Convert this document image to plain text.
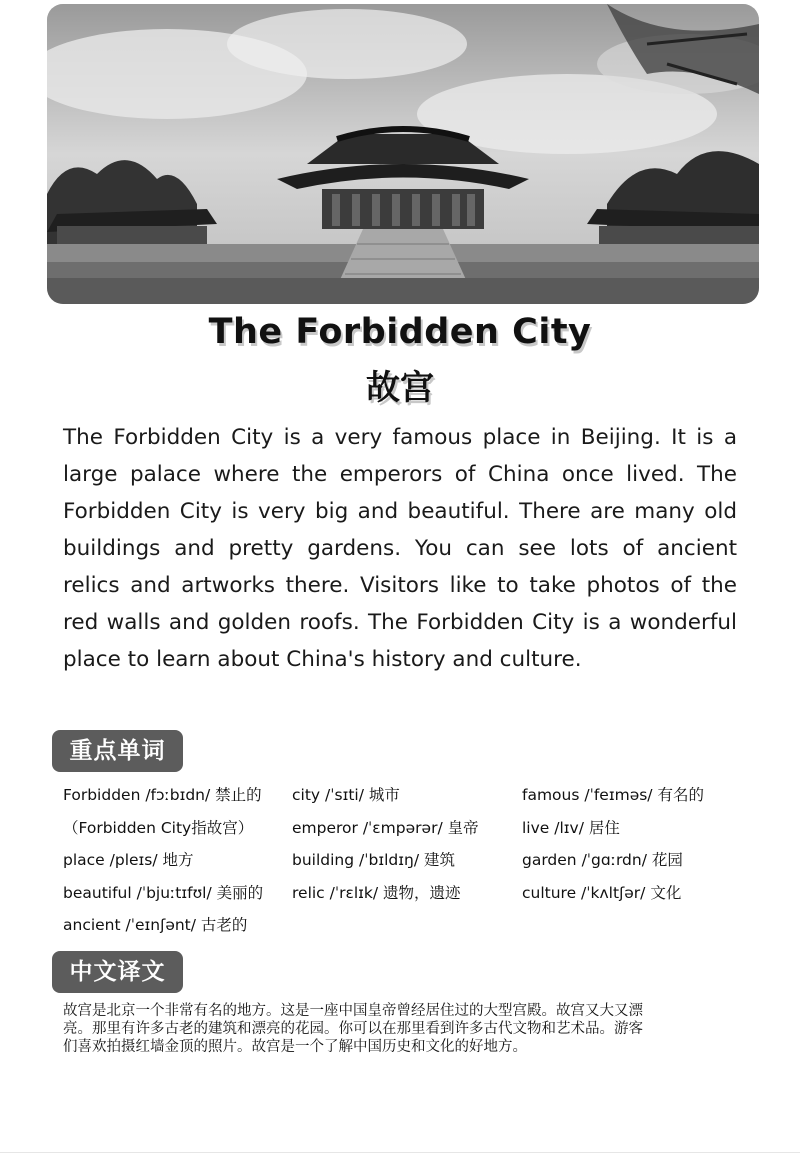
The Forbidden City
故宫

The Forbidden City is a very famous place in Beijing. It is a large palace where the emperors of China once lived. The Forbidden City is very big and beautiful. There are many old buildings and pretty gardens. You can see lots of ancient relics and artworks there. Visitors like to take photos of the red walls and golden roofs. The Forbidden City is a wonderful place to learn about China's history and culture.

重点单词
Forbidden /fɔːbɪdn/ 禁止的
（Forbidden City指故宫）
place /pleɪs/ 地方
beautiful /ˈbjuːtɪfʊl/ 美丽的
ancient /ˈeɪnʃənt/ 古老的
city /ˈsɪti/ 城市
emperor /ˈɛmpərər/ 皇帝
building /ˈbɪldɪŋ/ 建筑
relic /ˈrɛlɪk/ 遗物，遗迹
famous /ˈfeɪməs/ 有名的
live /lɪv/ 居住
garden /ˈgɑːrdn/ 花园
culture /ˈkʌltʃər/ 文化
中文译文

故宫是北京一个非常有名的地方。这是一座中国皇帝曾经居住过的大型宫殿。故宫又大又漂亮。那里有许多古老的建筑和漂亮的花园。你可以在那里看到许多古代文物和艺术品。游客们喜欢拍摄红墙金顶的照片。故宫是一个了解中国历史和文化的好地方。
